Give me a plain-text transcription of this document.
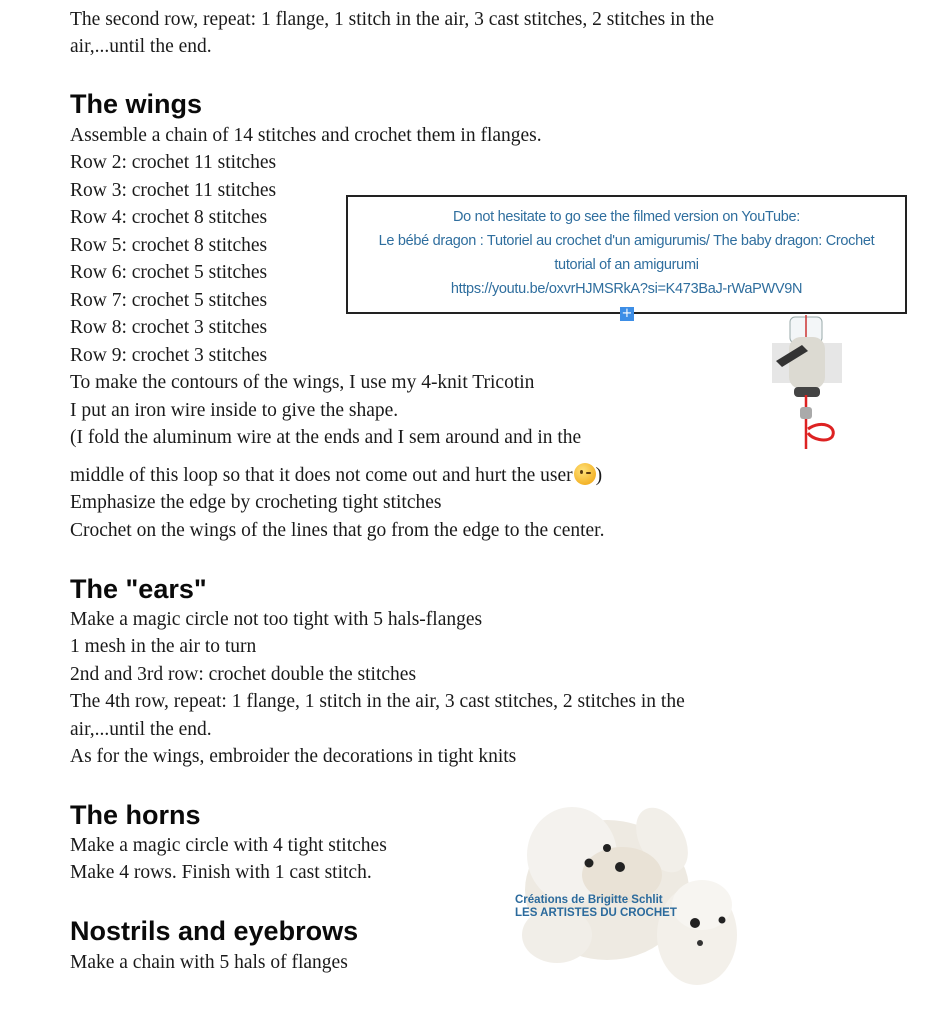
The second row, repeat: 1 flange, 1 stitch in the air, 3 cast stitches, 2 stitches in the
air,...until the end.
The wings
Assemble a chain of 14 stitches and crochet them in flanges.
Row 2: crochet 11 stitches
Row 3: crochet 11 stitches
Row 4: crochet 8 stitches
Row 5: crochet 8 stitches
Row 6: crochet 5 stitches
Row 7: crochet 5 stitches
Row 8: crochet 3 stitches
Row 9: crochet 3 stitches
To make the contours of the wings, I use my 4-knit Tricotin
I put an iron wire inside to give the shape.
(I fold the aluminum wire at the ends and I sem around and in the
middle of this loop so that it does not come out and hurt the user )
Emphasize the edge by crocheting tight stitches
Crochet on the wings of the lines that go from the edge to the center.
Do not hesitate to go see the filmed version on YouTube:
Le bébé dragon : Tutoriel au crochet d'un amigurumis/ The baby dragon: Crochet
tutorial of an amigurumi
https://youtu.be/oxvrHJMSRkA?si=K473BaJ-rWaPWV9N
+
The "ears"
Make a magic circle not too tight with 5 hals-flanges
1 mesh in the air to turn
2nd and 3rd row: crochet double the stitches
The 4th row, repeat: 1 flange, 1 stitch in the air, 3 cast stitches, 2 stitches in the
air,...until the end.
As for the wings, embroider the decorations in tight knits
The horns
Make a magic circle with 4 tight stitches
Make 4 rows. Finish with 1 cast stitch.
Nostrils and eyebrows
Make a chain with 5 hals of flanges
Créations de Brigitte Schlit
LES ARTISTES DU CROCHET
